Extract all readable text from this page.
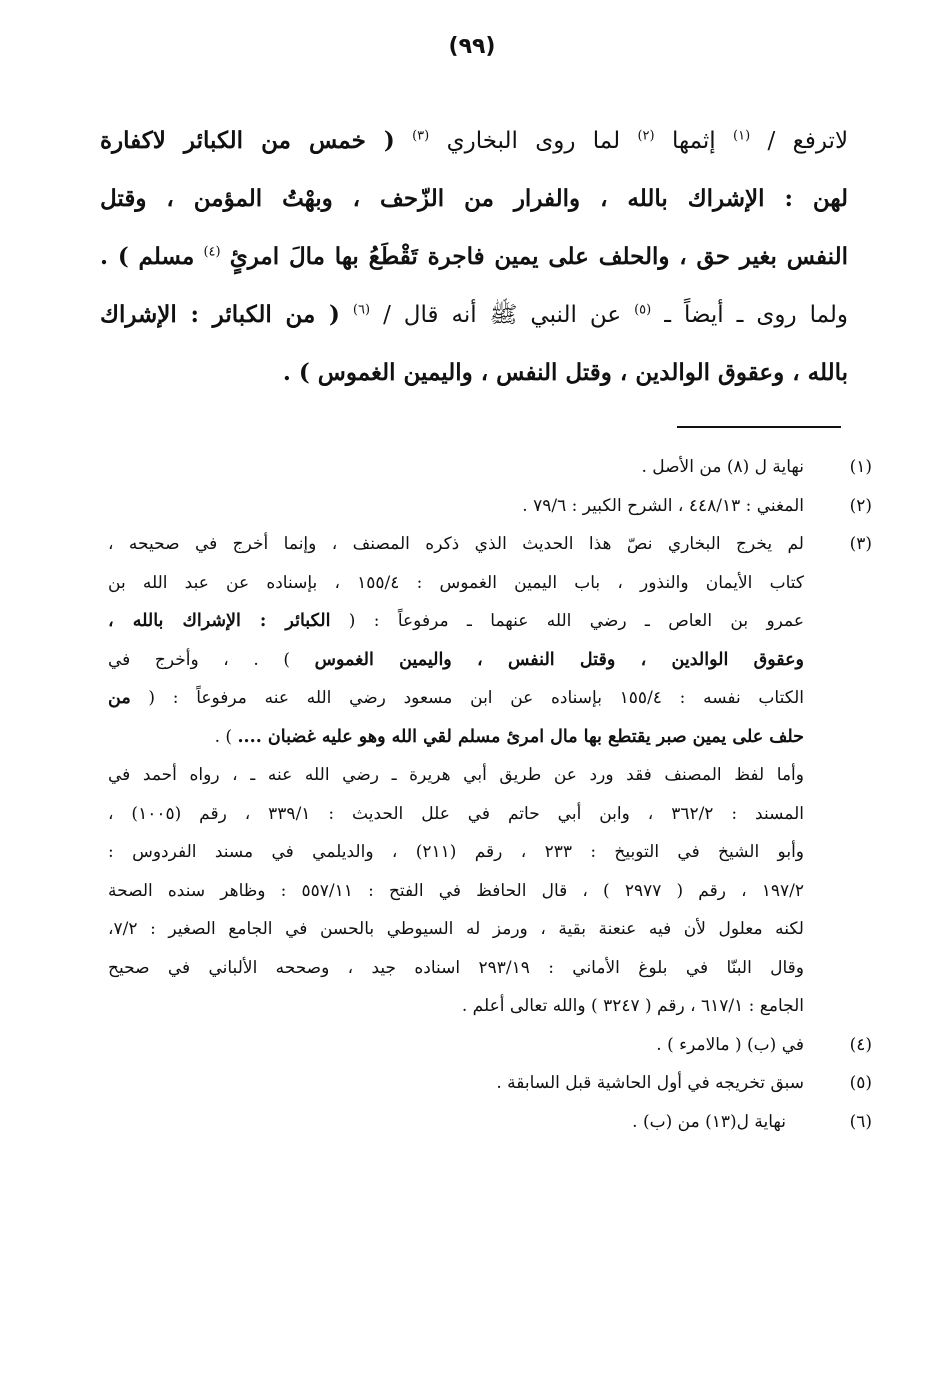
(٩٩)
لاترفع / $^{(١)}$ إثمها $^{(٢)}$ لما روى البخاري $^{(٣)}$ ( خمس من الكبائر لاكفارة
لهن : الإشراك بالله ، والفرار من الزّحف ، وبهْتُ المؤمن ، وقتل
النفس بغير حق ، والحلف على يمين فاجرة تَقْطَعُ بها مالَ امرئٍ $^{(٤)}$ مسلم ) .
ولما روى ـ أيضاً ـ $^{(٥)}$ عن النبي ﷺ أنه قال / $^{(٦)}$ ( من الكبائر : الإشراك
بالله ، وعقوق الوالدين ، وقتل النفس ، واليمين الغموس ) .
(١)
نهاية ل (٨) من الأصل .
(٢)
المغني : ٤٤٨/١٣ ، الشرح الكبير : ٧٩/٦ .
(٣)
لم يخرج البخاري نصّ هذا الحديث الذي ذكره المصنف ، وإنما أخرج في صحيحه ،
كتاب الأيمان والنذور ، باب اليمين الغموس : ١٥٥/٤ ، بإسناده عن عبد الله بن
عمرو بن العاص ـ رضي الله عنهما ـ مرفوعاً : ( الكبائر : الإشراك بالله ،
وعقوق الوالدين ، وقتل النفس ، واليمين الغموس ) . ، وأخرج في
الكتاب نفسه : ١٥٥/٤ بإسناده عن ابن مسعود رضي الله عنه مرفوعاً : ( من
حلف على يمين صبر يقتطع بها مال امرئ مسلم لقي الله وهو عليه غضبان .... ) .
وأما لفظ المصنف فقد ورد عن طريق أبي هريرة ـ رضي الله عنه ـ ، رواه أحمد في
المسند : ٣٦٢/٢ ، وابن أبي حاتم في علل الحديث : ٣٣٩/١ ، رقم (١٠٠٥) ،
وأبو الشيخ في التوبيخ : ٢٣٣ ، رقم (٢١١) ، والديلمي في مسند الفردوس :
١٩٧/٢ ، رقم ( ٢٩٧٧ ) ، قال الحافظ في الفتح : ٥٥٧/١١ : وظاهر سنده الصحة
لكنه معلول لأن فيه عنعنة بقية ، ورمز له السيوطي بالحسن في الجامع الصغير : ٧/٢،
وقال البنّا في بلوغ الأماني : ٢٩٣/١٩ اسناده جيد ، وصححه الألباني في صحيح
الجامع : ٦١٧/١ ، رقم ( ٣٢٤٧ ) والله تعالى أعلم .
(٤)
في (ب) ( مالامرء ) .
(٥)
سبق تخريجه في أول الحاشية قبل السابقة .
(٦)
نهاية ل(١٣) من (ب) .
